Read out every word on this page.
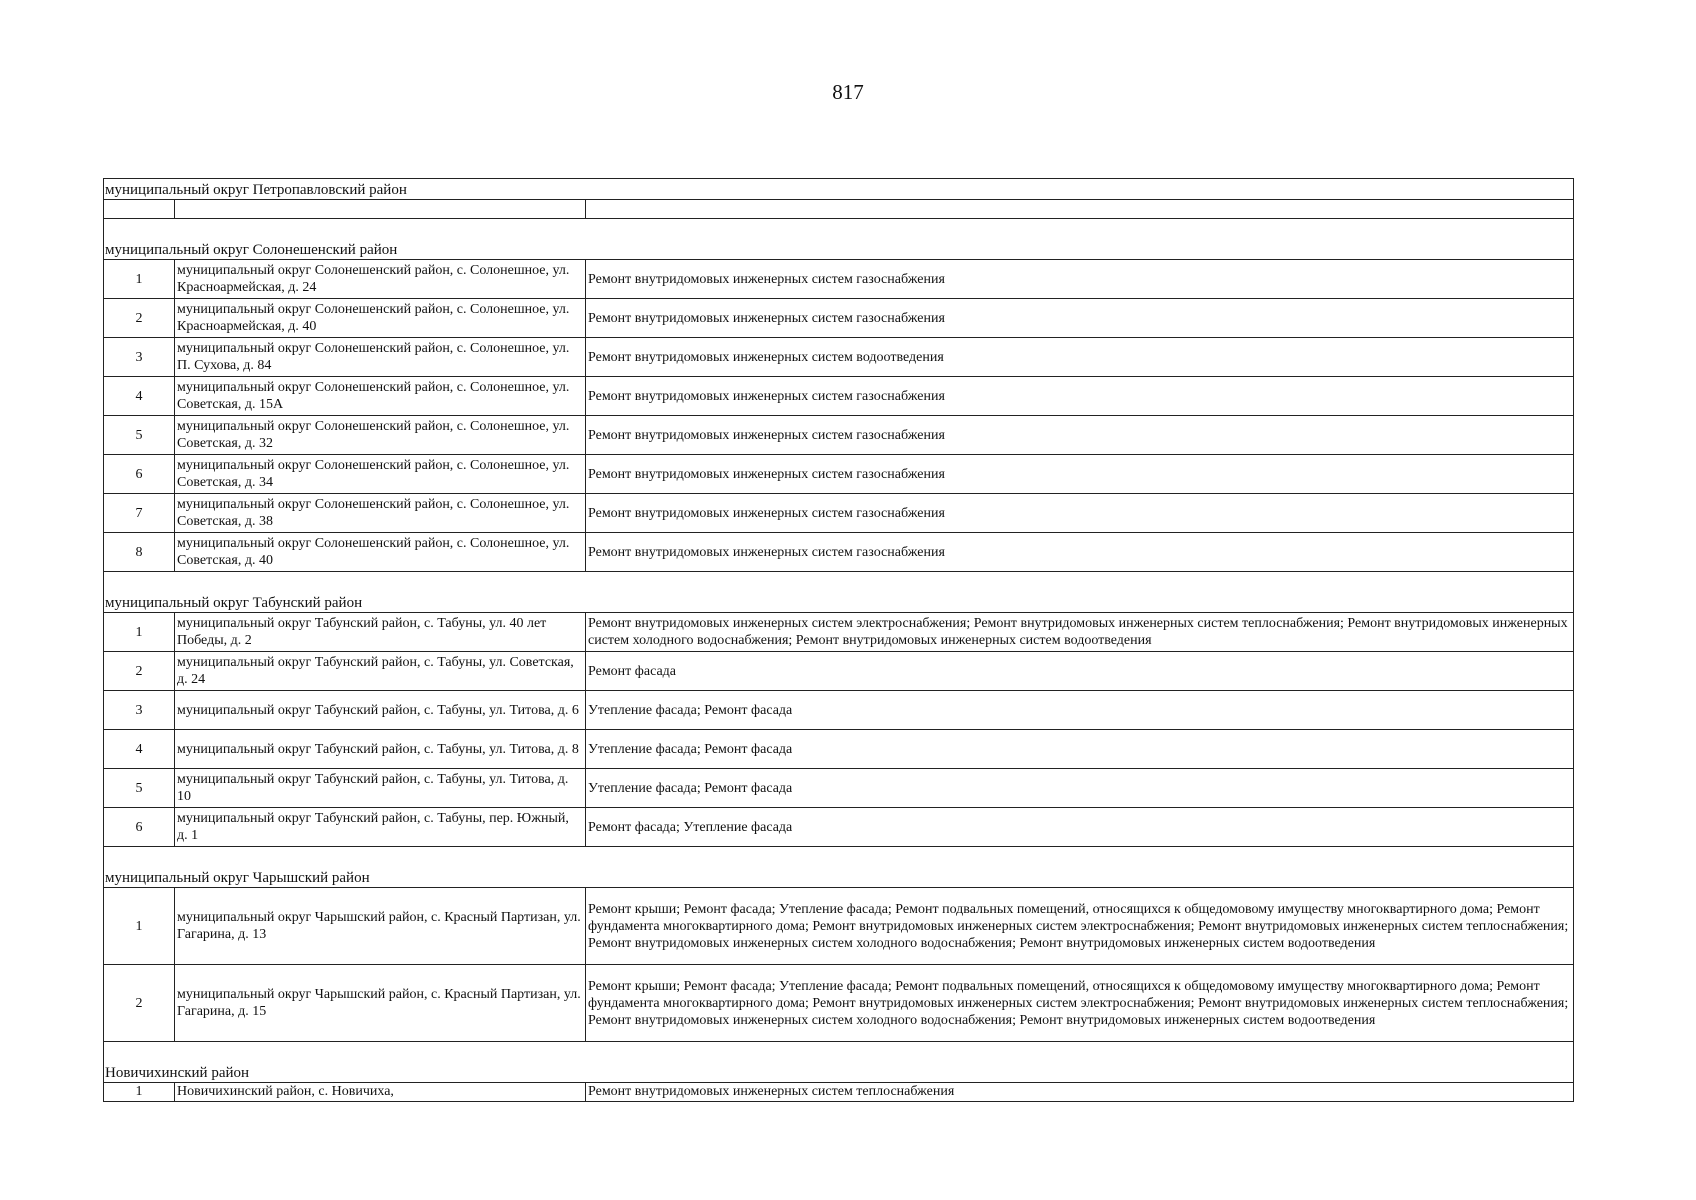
817
муниципальный округ Петропавловский район		

муниципальный округ Солонешенский район		
1	муниципальный округ Солонешенский район, с. Солонешное, ул. Красноармейская, д. 24	Ремонт внутридомовых инженерных систем газоснабжения
2	муниципальный округ Солонешенский район, с. Солонешное, ул. Красноармейская, д. 40	Ремонт внутридомовых инженерных систем газоснабжения
3	муниципальный округ Солонешенский район, с. Солонешное, ул. П. Сухова, д. 84	Ремонт внутридомовых инженерных систем водоотведения
4	муниципальный округ Солонешенский район, с. Солонешное, ул. Советская, д. 15А	Ремонт внутридомовых инженерных систем газоснабжения
5	муниципальный округ Солонешенский район, с. Солонешное, ул. Советская, д. 32	Ремонт внутридомовых инженерных систем газоснабжения
6	муниципальный округ Солонешенский район, с. Солонешное, ул. Советская, д. 34	Ремонт внутридомовых инженерных систем газоснабжения
7	муниципальный округ Солонешенский район, с. Солонешное, ул. Советская, д. 38	Ремонт внутридомовых инженерных систем газоснабжения
8	муниципальный округ Солонешенский район, с. Солонешное, ул. Советская, д. 40	Ремонт внутридомовых инженерных систем газоснабжения
муниципальный округ Табунский район		
1	муниципальный округ Табунский район, с. Табуны, ул. 40 лет Победы, д. 2	Ремонт внутридомовых инженерных систем электроснабжения; Ремонт внутридомовых инженерных систем теплоснабжения; Ремонт внутридомовых инженерных систем холодного водоснабжения; Ремонт внутридомовых инженерных систем водоотведения
2	муниципальный округ Табунский район, с. Табуны, ул. Советская, д. 24	Ремонт фасада
3	муниципальный округ Табунский район, с. Табуны, ул. Титова, д. 6	Утепление фасада; Ремонт фасада
4	муниципальный округ Табунский район, с. Табуны, ул. Титова, д. 8	Утепление фасада; Ремонт фасада
5	муниципальный округ Табунский район, с. Табуны, ул. Титова, д. 10	Утепление фасада; Ремонт фасада
6	муниципальный округ Табунский район, с. Табуны, пер. Южный, д. 1	Ремонт фасада; Утепление фасада
муниципальный округ Чарышский район		
1	муниципальный округ Чарышский район, с. Красный Партизан, ул. Гагарина, д. 13	Ремонт крыши; Ремонт фасада; Утепление фасада; Ремонт подвальных помещений, относящихся к общедомовому имуществу многоквартирного дома; Ремонт фундамента многоквартирного дома; Ремонт внутридомовых инженерных систем электроснабжения; Ремонт внутридомовых инженерных систем теплоснабжения; Ремонт внутридомовых инженерных систем холодного водоснабжения; Ремонт внутридомовых инженерных систем водоотведения
2	муниципальный округ Чарышский район, с. Красный Партизан, ул. Гагарина, д. 15	Ремонт крыши; Ремонт фасада; Утепление фасада; Ремонт подвальных помещений, относящихся к общедомовому имуществу многоквартирного дома; Ремонт фундамента многоквартирного дома; Ремонт внутридомовых инженерных систем электроснабжения; Ремонт внутридомовых инженерных систем теплоснабжения; Ремонт внутридомовых инженерных систем холодного водоснабжения; Ремонт внутридомовых инженерных систем водоотведения
Новичихинский район		
1	Новичихинский район, с. Новичиха,	Ремонт внутридомовых инженерных систем теплоснабжения
